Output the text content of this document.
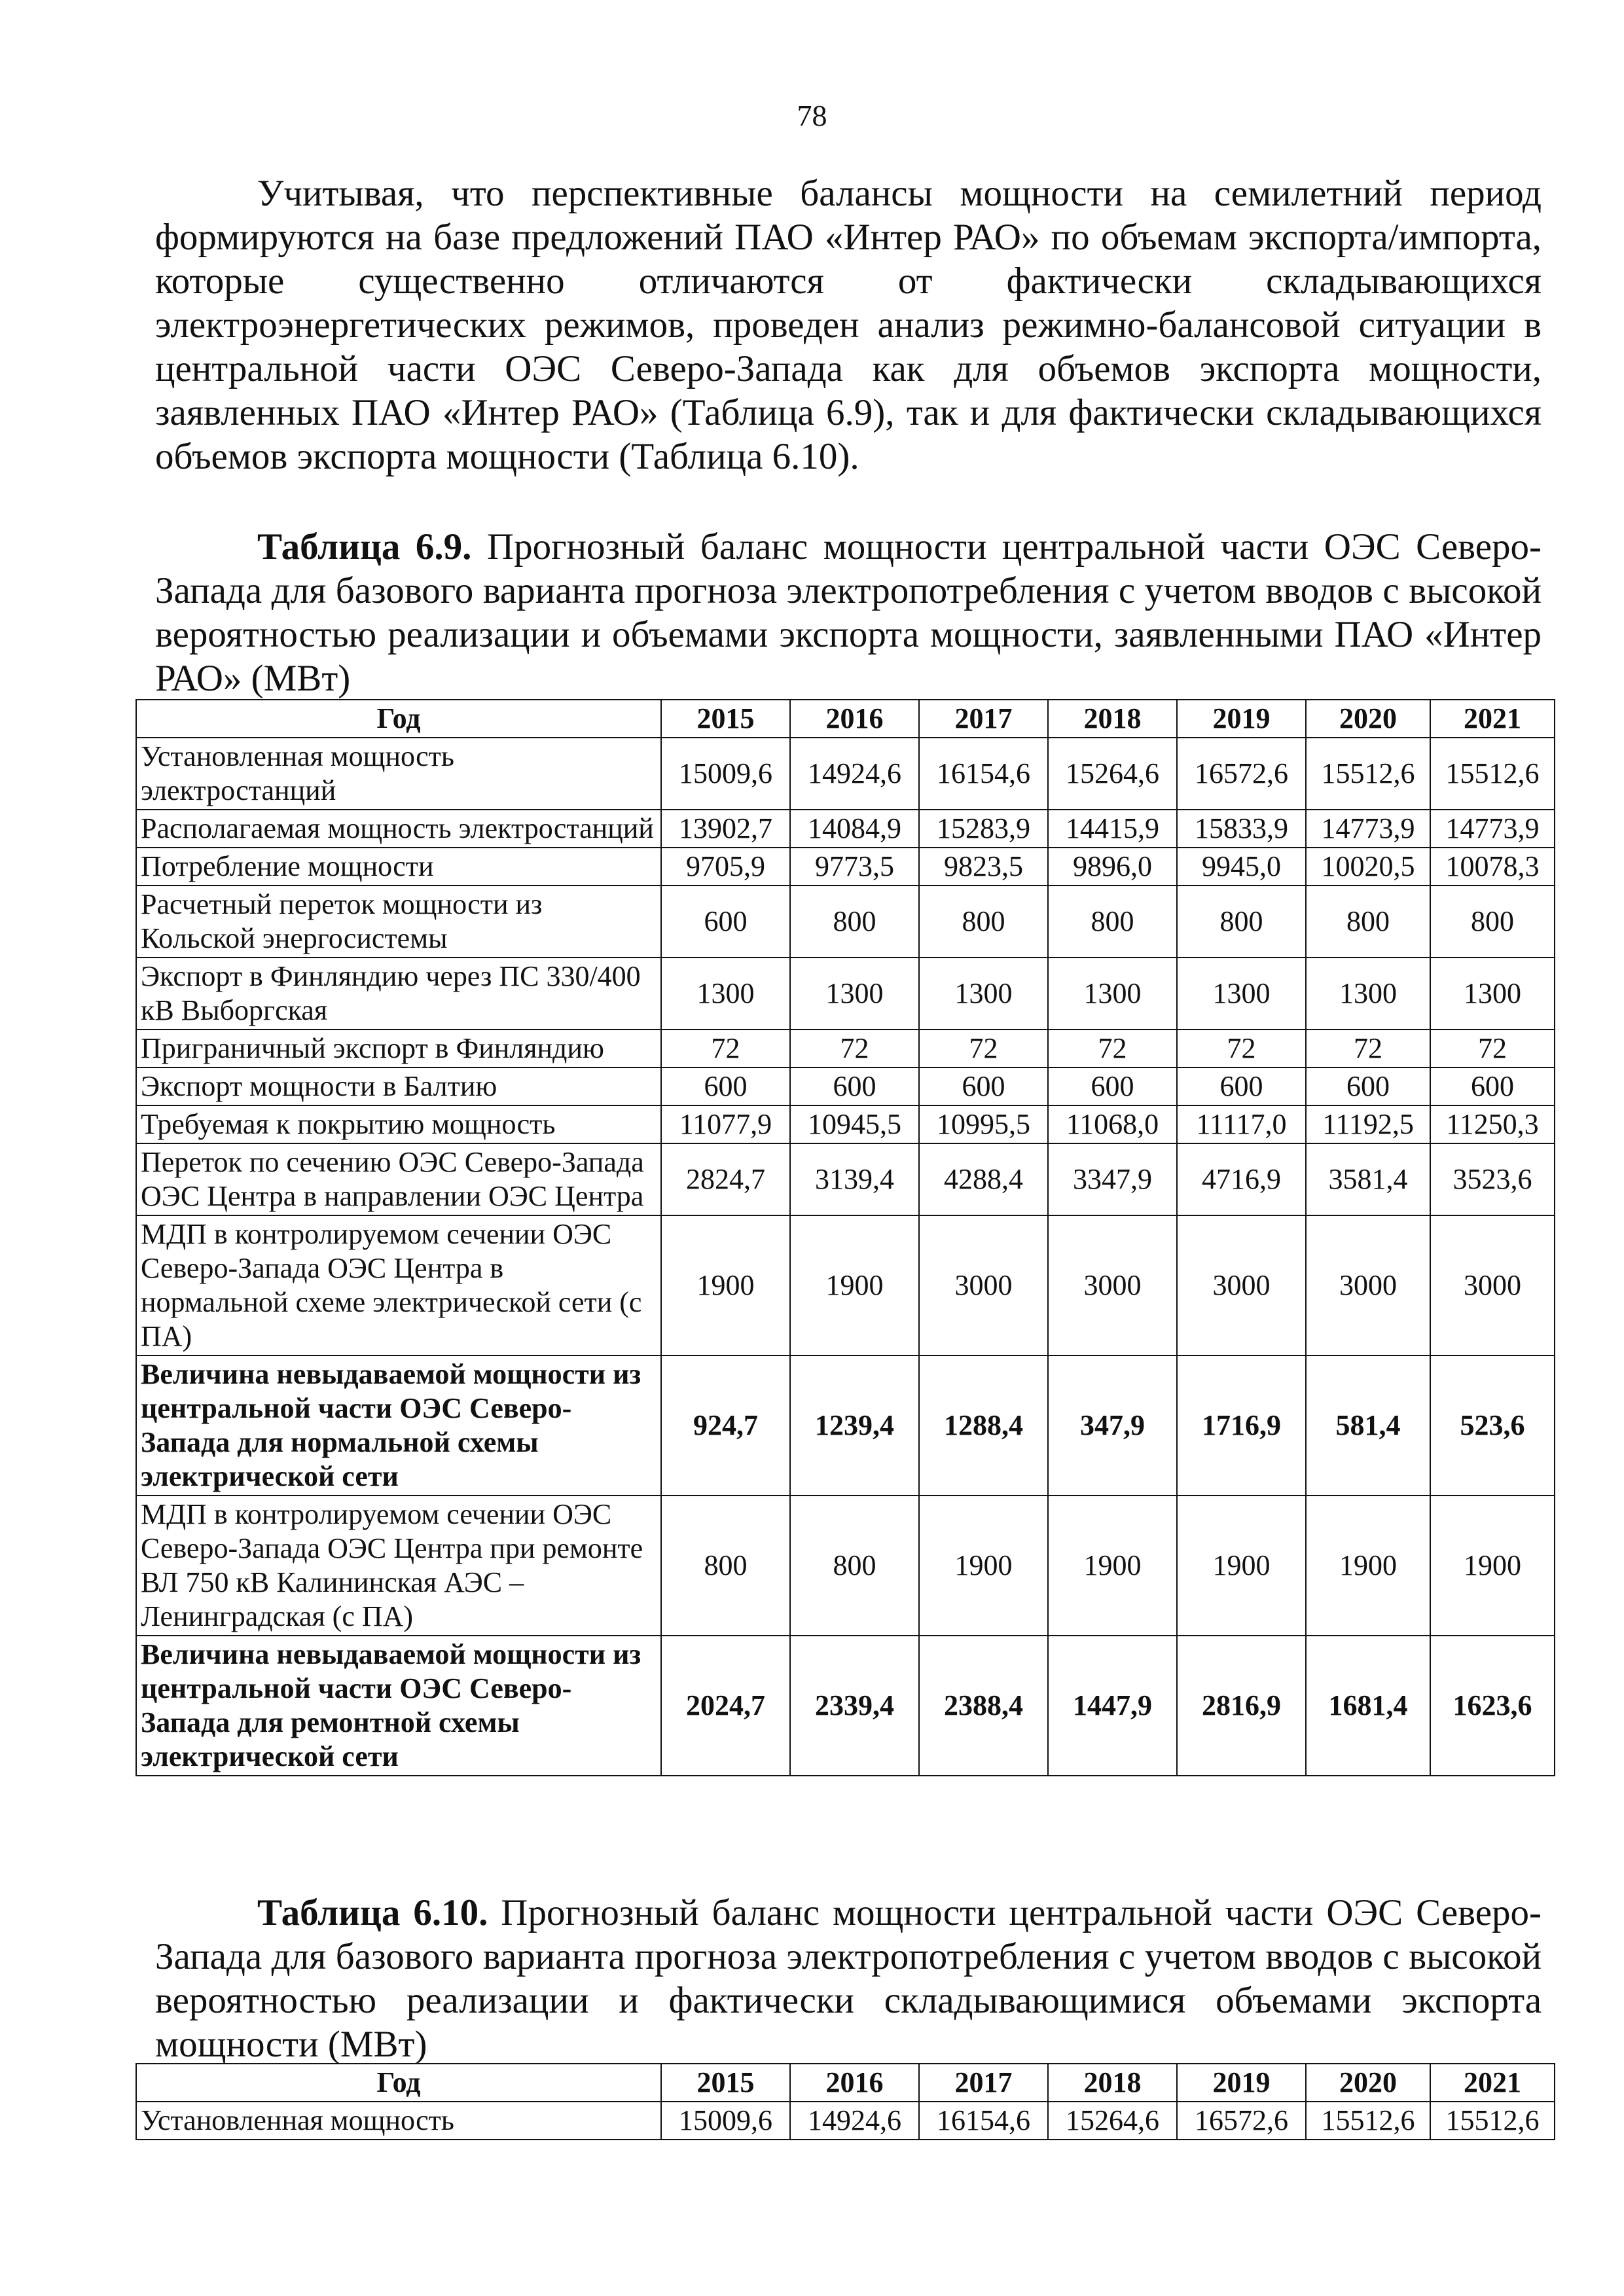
78

Учитывая, что перспективные балансы мощности на семилетний период формируются на базе предложений ПАО «Интер РАО» по объемам экспорта/импорта, которые существенно отличаются от фактически складывающихся электроэнергетических режимов, проведен анализ режимно-балансовой ситуации в центральной части ОЭС Северо-Запада как для объемов экспорта мощности, заявленных ПАО «Интер РАО» (Таблица 6.9), так и для фактически складывающихся объемов экспорта мощности (Таблица 6.10).

Таблица 6.9. Прогнозный баланс мощности центральной части ОЭС Северо-Запада для базового варианта прогноза электропотребления с учетом вводов с высокой вероятностью реализации и объемами экспорта мощности, заявленными ПАО «Интер РАО» (МВт)

Год	2015	2016	2017	2018	2019	2020	2021
Установленная мощность электростанций	15009,6	14924,6	16154,6	15264,6	16572,6	15512,6	15512,6
Располагаемая мощность электростанций	13902,7	14084,9	15283,9	14415,9	15833,9	14773,9	14773,9
Потребление мощности	9705,9	9773,5	9823,5	9896,0	9945,0	10020,5	10078,3
Расчетный переток мощности из Кольской энергосистемы	600	800	800	800	800	800	800
Экспорт в Финляндию через ПС 330/400 кВ Выборгская	1300	1300	1300	1300	1300	1300	1300
Приграничный экспорт в Финляндию	72	72	72	72	72	72	72
Экспорт мощности в Балтию	600	600	600	600	600	600	600
Требуемая к покрытию мощность	11077,9	10945,5	10995,5	11068,0	11117,0	11192,5	11250,3
Переток по сечению ОЭС Северо-Запада ОЭС Центра в направлении ОЭС Центра	2824,7	3139,4	4288,4	3347,9	4716,9	3581,4	3523,6
МДП в контролируемом сечении ОЭС Северо-Запада ОЭС Центра в нормальной схеме электрической сети (с ПА)	1900	1900	3000	3000	3000	3000	3000
Величина невыдаваемой мощности из центральной части ОЭС Северо-Запада для нормальной схемы электрической сети	924,7	1239,4	1288,4	347,9	1716,9	581,4	523,6
МДП в контролируемом сечении ОЭС Северо-Запада ОЭС Центра при ремонте ВЛ 750 кВ Калининская АЭС – Ленинградская (с ПА)	800	800	1900	1900	1900	1900	1900
Величина невыдаваемой мощности из центральной части ОЭС Северо-Запада для ремонтной схемы электрической сети	2024,7	2339,4	2388,4	1447,9	2816,9	1681,4	1623,6

Таблица 6.10. Прогнозный баланс мощности центральной части ОЭС Северо-Запада для базового варианта прогноза электропотребления с учетом вводов с высокой вероятностью реализации и фактически складывающимися объемами экспорта мощности (МВт)

Год	2015	2016	2017	2018	2019	2020	2021
Установленная мощность	15009,6	14924,6	16154,6	15264,6	16572,6	15512,6	15512,6
